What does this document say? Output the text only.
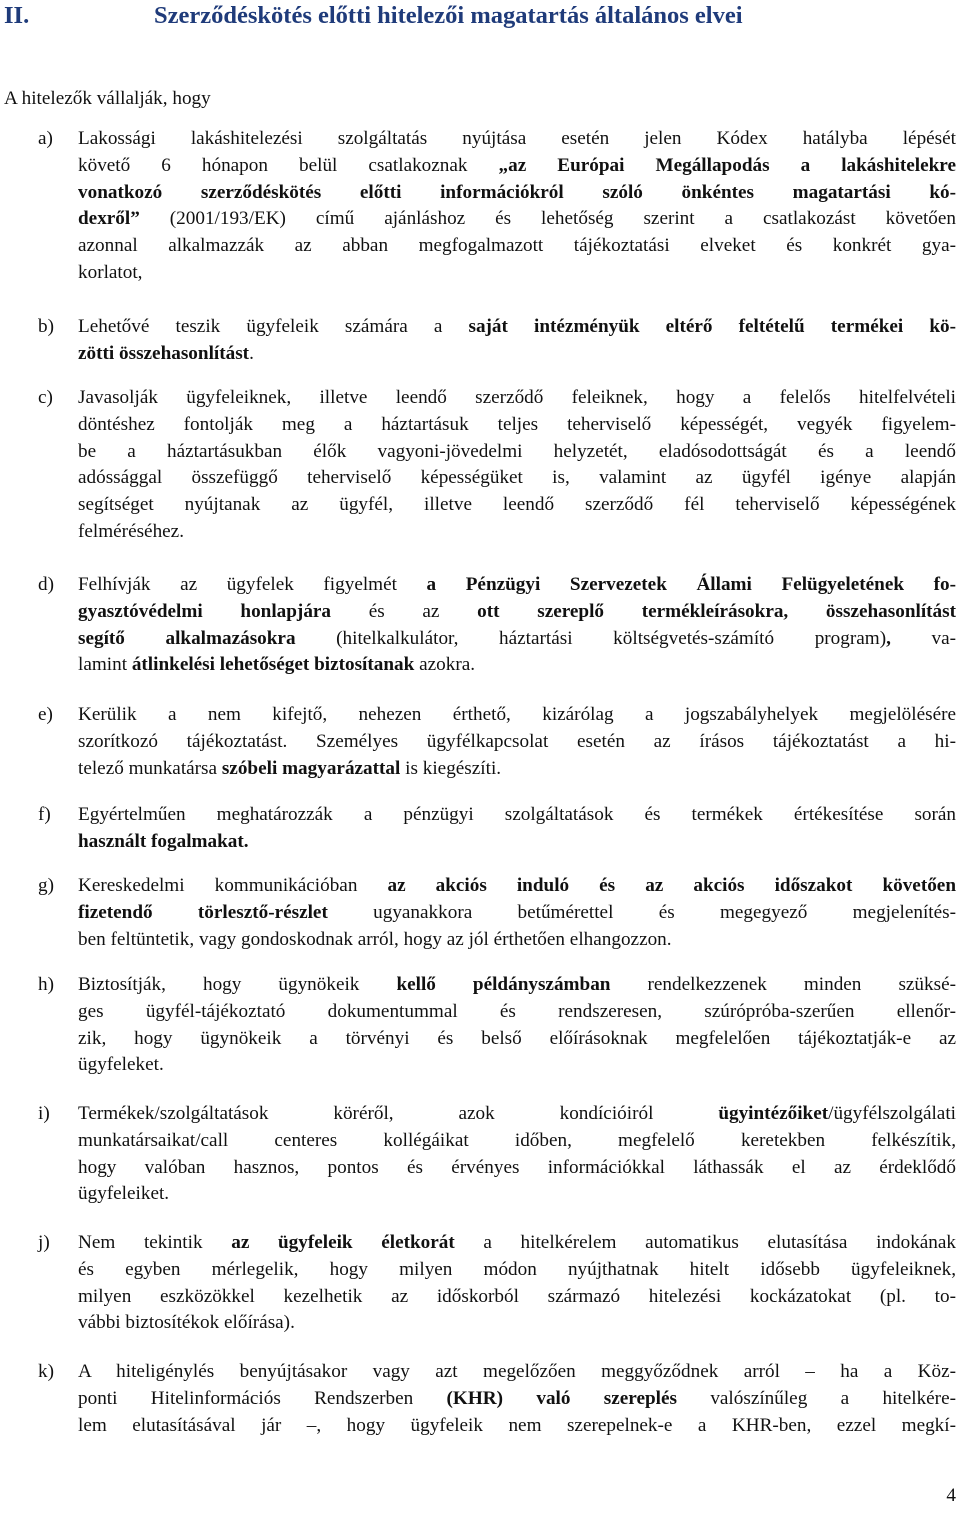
II.	Szerződéskötés előtti hitelezői magatartás általános elvei

A hitelezők vállalják, hogy

a) Lakossági lakáshitelezési szolgáltatás nyújtása esetén jelen Kódex hatályba lépését
követő 6 hónapon belül csatlakoznak „az Európai Megállapodás a lakáshitelekre
vonatkozó szerződéskötés előtti információkról szóló önkéntes magatartási kó-
dexről” (2001/193/EK) című ajánláshoz és lehetőség szerint a csatlakozást követően
azonnal alkalmazzák az abban megfogalmazott tájékoztatási elveket és konkrét gya-
korlatot,
b) Lehetővé teszik ügyfeleik számára a saját intézményük eltérő feltételű termékei kö-
zötti összehasonlítást.
c) Javasolják ügyfeleiknek, illetve leendő szerződő feleiknek, hogy a felelős hitelfelvételi
döntéshez fontolják meg a háztartásuk teljes teherviselő képességét, vegyék figyelem-
be a háztartásukban élők vagyoni-jövedelmi helyzetét, eladósodottságát és a leendő
adóssággal összefüggő teherviselő képességüket is, valamint az ügyfél igénye alapján
segítséget nyújtanak az ügyfél, illetve leendő szerződő fél teherviselő képességének
felméréséhez.
d) Felhívják az ügyfelek figyelmét a Pénzügyi Szervezetek Állami Felügyeletének fo-
gyasztóvédelmi honlapjára és az ott szereplő termékleírásokra, összehasonlítást
segítő alkalmazásokra (hitelkalkulátor, háztartási költségvetés-számító program), va-
lamint átlinkelési lehetőséget biztosítanak azokra.
e) Kerülik a nem kifejtő, nehezen érthető, kizárólag a jogszabályhelyek megjelölésére
szorítkozó tájékoztatást. Személyes ügyfélkapcsolat esetén az írásos tájékoztatást a hi-
telező munkatársa szóbeli magyarázattal is kiegészíti.
f) Egyértelműen meghatározzák a pénzügyi szolgáltatások és termékek értékesítése során
használt fogalmakat.
g) Kereskedelmi kommunikációban az akciós induló és az akciós időszakot követően
fizetendő törlesztő-részlet ugyanakkora betűmérettel és megegyező megjelenítés-
ben feltüntetik, vagy gondoskodnak arról, hogy az jól érthetően elhangozzon.
h) Biztosítják, hogy ügynökeik kellő példányszámban rendelkezzenek minden szüksé-
ges ügyfél-tájékoztató dokumentummal és rendszeresen, szúrópróba-szerűen ellenőr-
zik, hogy ügynökeik a törvényi és belső előírásoknak megfelelően tájékoztatják-e az
ügyfeleket.
i) Termékek/szolgáltatások köréről, azok kondícióiról ügyintézőiket/ügyfélszolgálati
munkatársaikat/call centeres kollégáikat időben, megfelelő keretekben felkészítik,
hogy valóban hasznos, pontos és érvényes információkkal láthassák el az érdeklődő
ügyfeleiket.
j) Nem tekintik az ügyfeleik életkorát a hitelkérelem automatikus elutasítása indokának
és egyben mérlegelik, hogy milyen módon nyújthatnak hitelt idősebb ügyfeleiknek,
milyen eszközökkel kezelhetik az időskorból származó hitelezési kockázatokat (pl. to-
vábbi biztosítékok előírása).
k) A hiteligénylés benyújtásakor vagy azt megelőzően meggyőződnek arról – ha a Köz-
ponti Hitelinformációs Rendszerben (KHR) való szereplés valószínűleg a hitelkére-
lem elutasításával jár –, hogy ügyfeleik nem szerepelnek-e a KHR-ben, ezzel megkí-

4
